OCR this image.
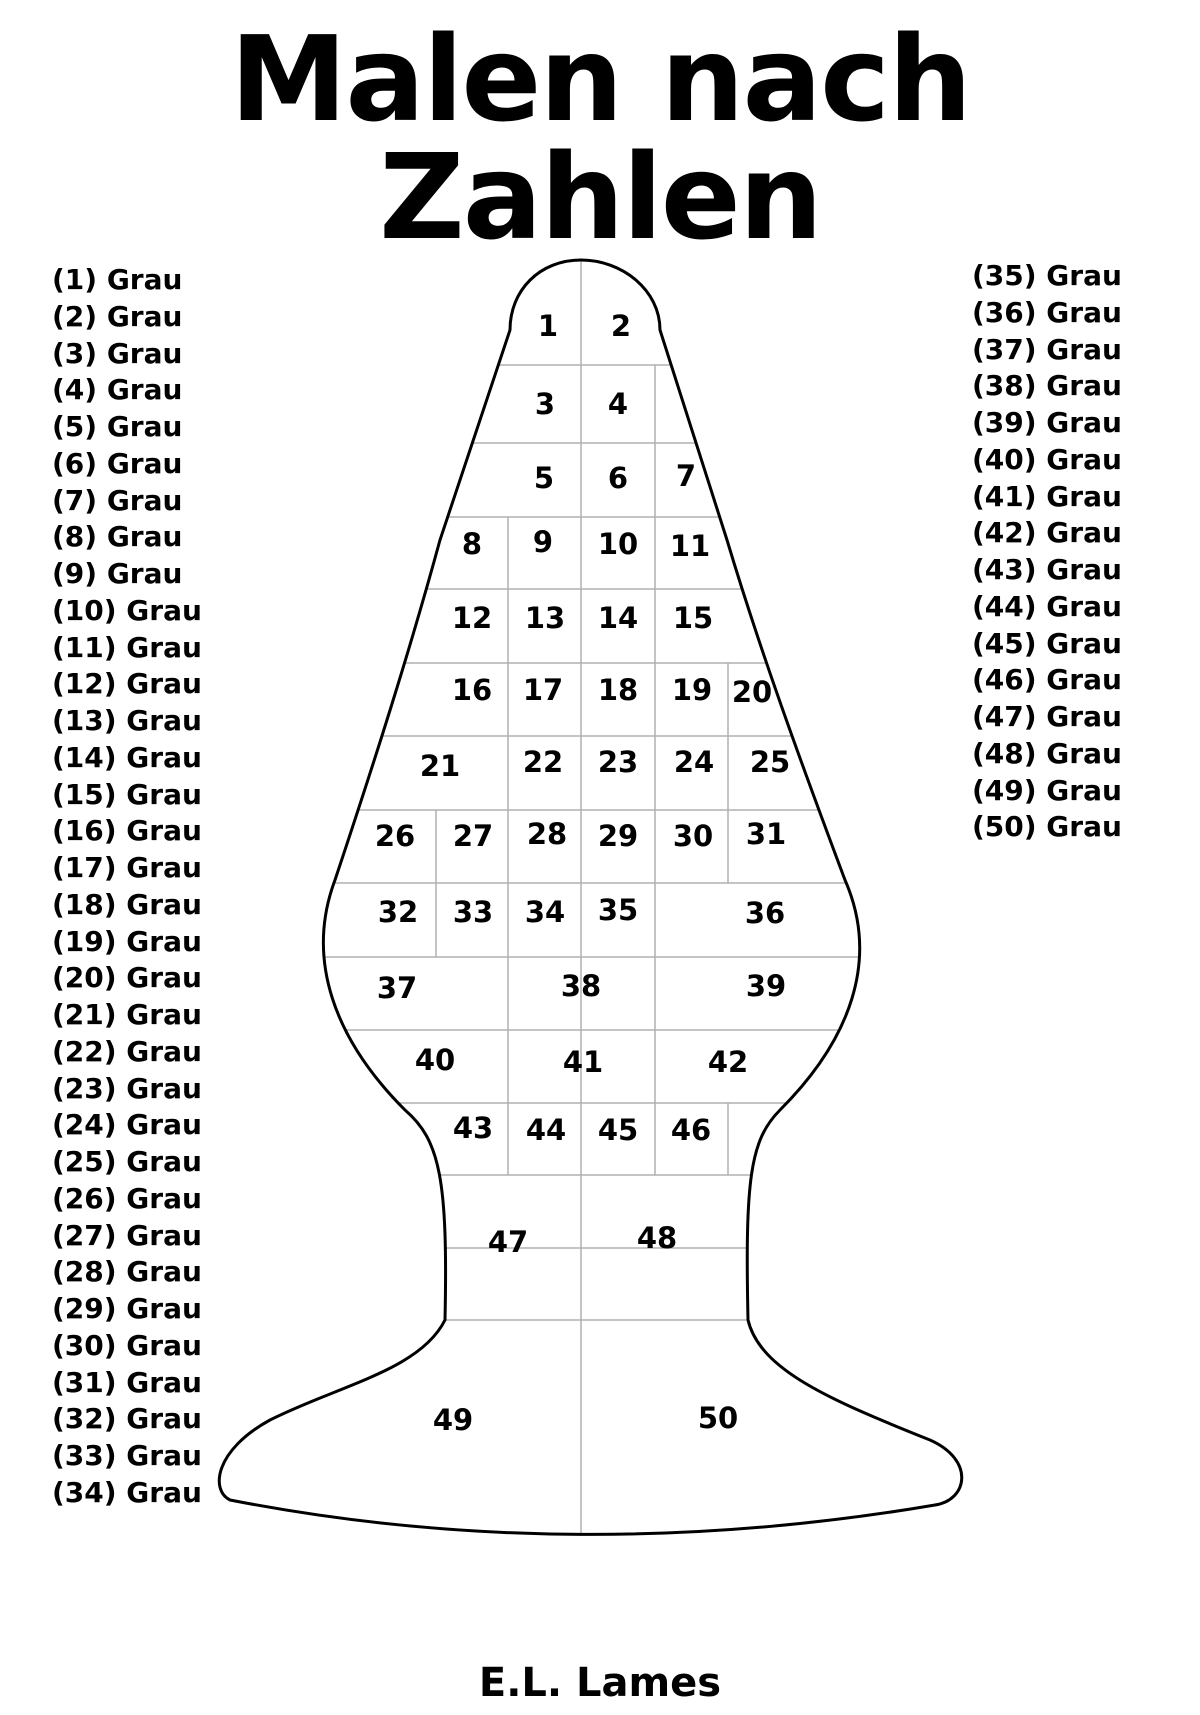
Malen nach Zahlen
(1) Grau
(2) Grau
(3) Grau
(4) Grau
(5) Grau
(6) Grau
(7) Grau
(8) Grau
(9) Grau
(10) Grau
(11) Grau
(12) Grau
(13) Grau
(14) Grau
(15) Grau
(16) Grau
(17) Grau
(18) Grau
(19) Grau
(20) Grau
(21) Grau
(22) Grau
(23) Grau
(24) Grau
(25) Grau
(26) Grau
(27) Grau
(28) Grau
(29) Grau
(30) Grau
(31) Grau
(32) Grau
(33) Grau
(34) Grau
(35) Grau
(36) Grau
(37) Grau
(38) Grau
(39) Grau
(40) Grau
(41) Grau
(42) Grau
(43) Grau
(44) Grau
(45) Grau
(46) Grau
(47) Grau
(48) Grau
(49) Grau
(50) Grau
1 2
3 4
5 6 7
8 9 10 11
12 13 14 15
16 17 18 19 20
21 22 23 24 25
26 27 28 29 30 31
32 33 34 35	36
37	38	39
40	41	42
43 44 45 46
47	48
49	50
E.L. Lames
